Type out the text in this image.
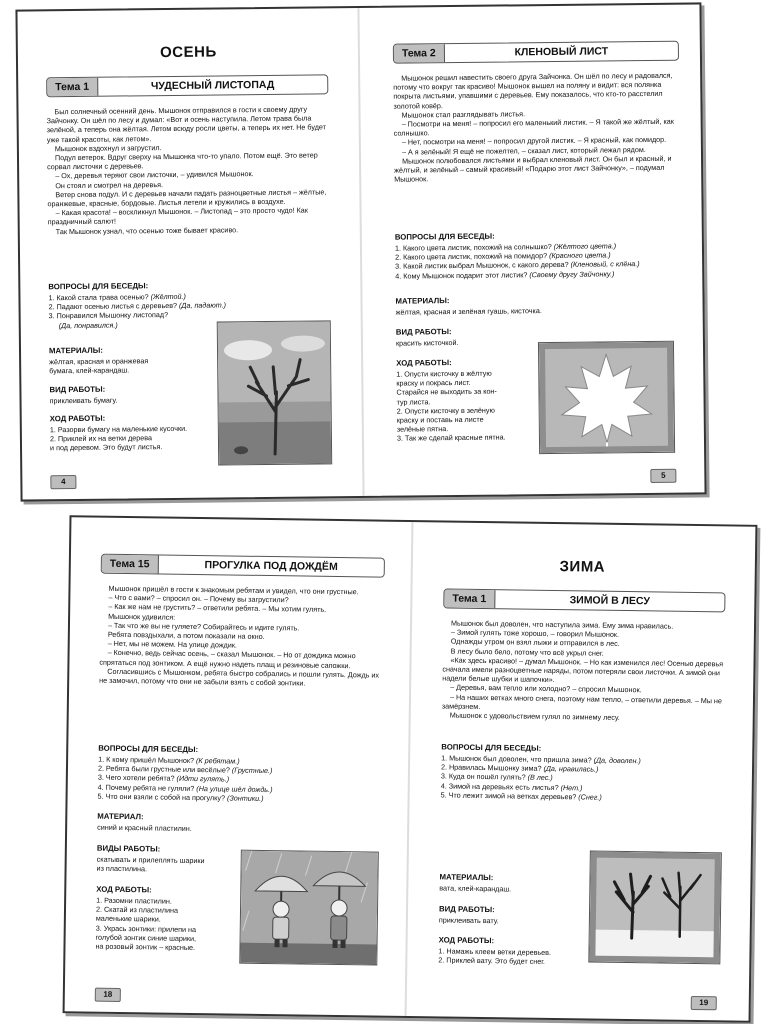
ОСЕНЬ
Тема 1	ЧУДЕСНЫЙ ЛИСТОПАД

Был солнечный осенний день. Мышонок отправился в гости к своему другу Зайчонку. Он шёл по лесу и думал: «Вот и осень наступила. Летом трава была зелёной, а теперь она жёлтая. Летом всюду росли цветы, а теперь их нет. Не будет уже такой красоты, как летом».

Мышонок вздохнул и загрустил.

Подул ветерок. Вдруг сверху на Мышонка что-то упало. Потом ещё. Это ветер сорвал листочки с деревьев.

– Ох, деревья теряют свои листочки, – удивился Мышонок.

Он стоял и смотрел на деревья.

Ветер снова подул. И с деревьев начали падать разноцветные листья – жёлтые, оранжевые, красные, бордовые. Листья летели и кружились в воздухе.

– Какая красота! – воскликнул Мышонок. – Листопад – это просто чудо! Как праздничный салют!

Так Мышонок узнал, что осенью тоже бывает красиво.

ВОПРОСЫ ДЛЯ БЕСЕДЫ:
1. Какой стала трава осенью? (Жёлтой.)
2. Падают осенью листья с деревьев? (Да, падают.)
3. Понравился Мышонку листопад?
(Да, понравился.)
МАТЕРИАЛЫ:
жёлтая, красная и оранжевая
бумага, клей-карандаш.
ВИД РАБОТЫ:
приклеивать бумагу.
ХОД РАБОТЫ:
1. Разорви бумагу на маленькие кусочки.
2. Приклей их на ветки дерева
и под деревом. Это будут листья.
4
Тема 2	КЛЕНОВЫЙ ЛИСТ

Мышонок решил навестить своего друга Зайчонка. Он шёл по лесу и радовался, потому что вокруг так красиво! Мышонок вышел на поляну и видит: вся полянка покрыта листьями, упавшими с деревьев. Ему показалось, что кто-то расстелил золотой ковёр.

Мышонок стал разглядывать листья.

– Посмотри на меня! – попросил его маленький листик. – Я такой же жёлтый, как солнышко.

– Нет, посмотри на меня! – попросил другой листик. – Я красный, как помидор.

– А я зелёный! Я ещё не пожелтел, – сказал лист, который лежал рядом.

Мышонок полюбовался листьями и выбрал кленовый лист. Он был и красный, и жёлтый, и зелёный – самый красивый! «Подарю этот лист Зайчонку», – подумал Мышонок.

ВОПРОСЫ ДЛЯ БЕСЕДЫ:
1. Какого цвета листик, похожий на солнышко? (Жёлтого цвета.)
2. Какого цвета листик, похожий на помидор? (Красного цвета.)
3. Какой листик выбрал Мышонок, с какого дерева? (Кленовый, с клёна.)
4. Кому Мышонок подарит этот листик? (Своему другу Зайчонку.)
МАТЕРИАЛЫ:
жёлтая, красная и зелёная гуашь, кисточка.
ВИД РАБОТЫ:
красить кисточкой.
ХОД РАБОТЫ:
1. Опусти кисточку в жёлтую
краску и покрась лист.
Старайся не выходить за кон-
тур листа.
2. Опусти кисточку в зелёную
краску и поставь на листе
зелёные пятна.
3. Так же сделай красные пятна.
5
Тема 15	ПРОГУЛКА ПОД ДОЖДЁМ

Мышонок пришёл в гости к знакомым ребятам и увидел, что они грустные.

– Что с вами? – спросил он. – Почему вы загрустили?

– Как же нам не грустить? – ответили ребята. – Мы хотим гулять.

Мышонок удивился:

– Так что же вы не гуляете? Собирайтесь и идите гулять.

Ребята повздыхали, а потом показали на окно.

– Нет, мы не можем. На улице дождик.

– Конечно, ведь сейчас осень, – сказал Мышонок. – Но от дождика можно спрятаться под зонтиком. А ещё нужно надеть плащ и резиновые сапожки.

Согласившись с Мышонком, ребята быстро собрались и пошли гулять. Дождь их не замочил, потому что они не забыли взять с собой зонтики.

ВОПРОСЫ ДЛЯ БЕСЕДЫ:
1. К кому пришёл Мышонок? (К ребятам.)
2. Ребята были грустные или весёлые? (Грустные.)
3. Чего хотели ребята? (Идти гулять.)
4. Почему ребята не гуляли? (На улице шёл дождь.)
5. Что они взяли с собой на прогулку? (Зонтики.)
МАТЕРИАЛ:
синий и красный пластилин.
ВИДЫ РАБОТЫ:
скатывать и прилеплять шарики
из пластилина.
ХОД РАБОТЫ:
1. Разомни пластилин.
2. Скатай из пластилина
маленькие шарики.
3. Укрась зонтики: прилепи на
голубой зонтик синие шарики,
на розовый зонтик – красные.
18
ЗИМА
Тема 1	ЗИМОЙ В ЛЕСУ

Мышонок был доволен, что наступила зима. Ему зима нравилась.

– Зимой гулять тоже хорошо, – говорил Мышонок.

Однажды утром он взял лыжи и отправился в лес.

В лесу было бело, потому что всё укрыл снег.

«Как здесь красиво! – думал Мышонок. – Но как изменился лес! Осенью деревья сначала имели разноцветные наряды, потом потеряли свои листочки. А зимой они надели белые шубки и шапочки».

– Деревья, вам тепло или холодно? – спросил Мышонок.

– На наших ветках много снега, поэтому нам тепло, – ответили деревья. – Мы не замёрзнем.

Мышонок с удовольствием гулял по зимнему лесу.

ВОПРОСЫ ДЛЯ БЕСЕДЫ:
1. Мышонок был доволен, что пришла зима? (Да, доволен.)
2. Нравилась Мышонку зима? (Да, нравилась.)
3. Куда он пошёл гулять? (В лес.)
4. Зимой на деревьях есть листья? (Нет.)
5. Что лежит зимой на ветках деревьев? (Снег.)
МАТЕРИАЛЫ:
вата, клей-карандаш.
ВИД РАБОТЫ:
приклеивать вату.
ХОД РАБОТЫ:
1. Намажь клеем ветки деревьев.
2. Приклей вату. Это будет снег.
19
